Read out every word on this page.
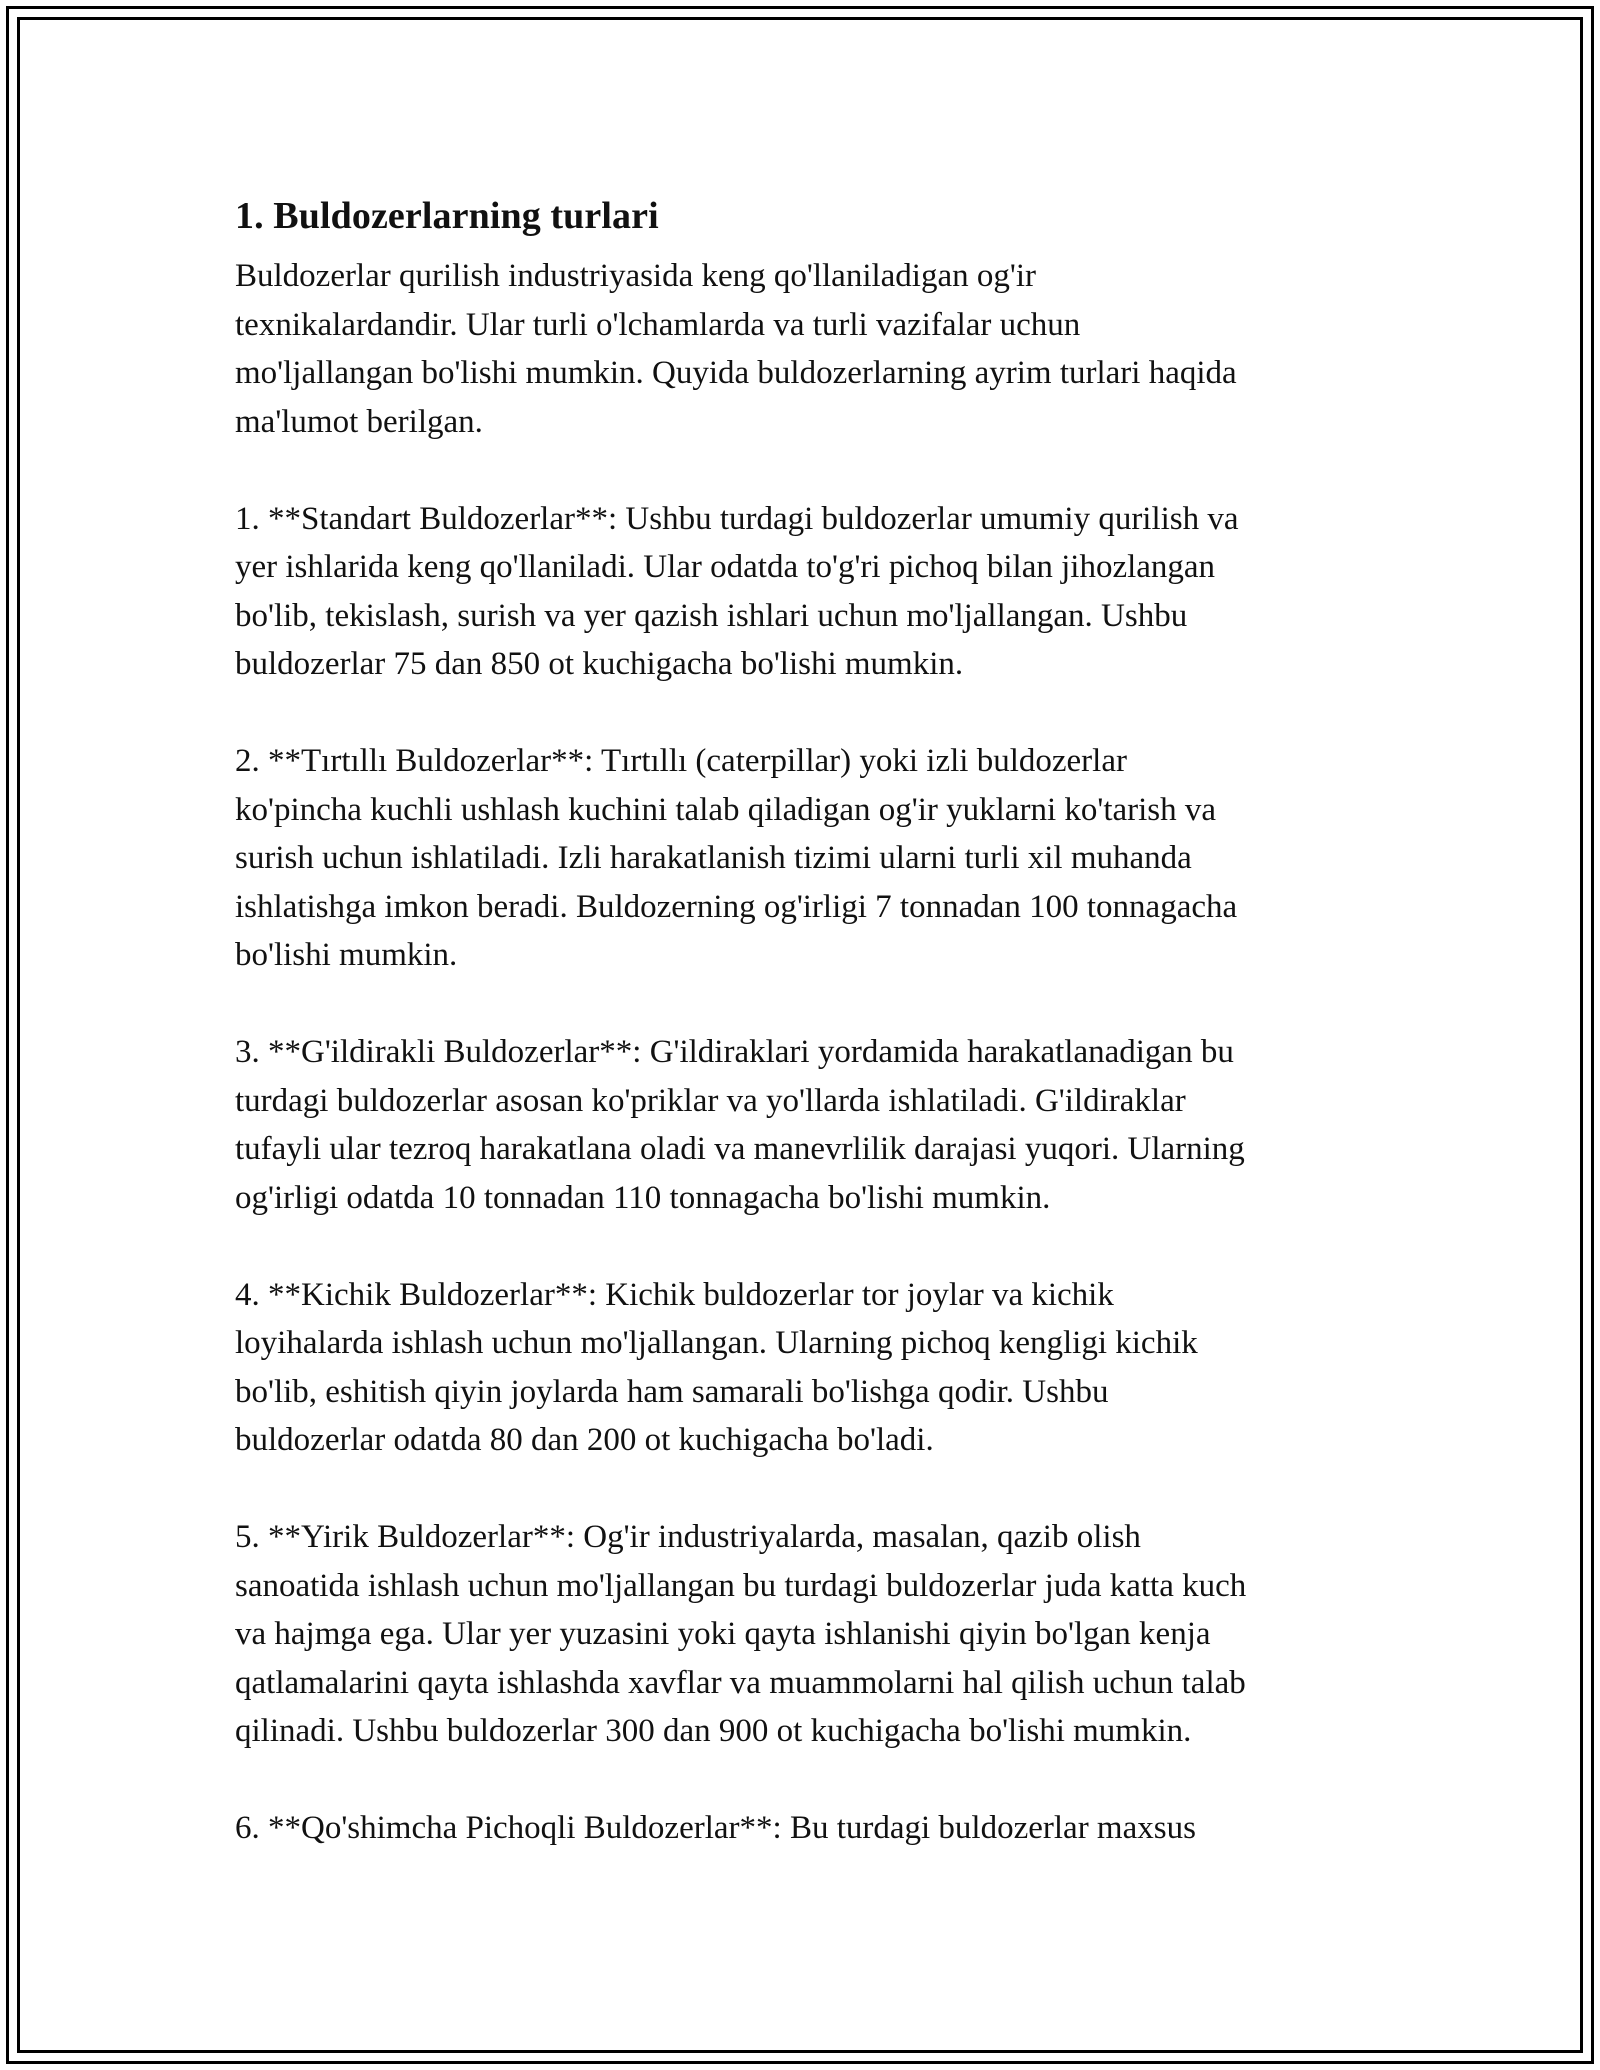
1. Buldozerlarning turlari

Buldozerlar qurilish industriyasida keng qo'llaniladigan og'ir
texnikalardandir. Ular turli o'lchamlarda va turli vazifalar uchun
mo'ljallangan bo'lishi mumkin. Quyida buldozerlarning ayrim turlari haqida
ma'lumot berilgan.

1. **Standart Buldozerlar**: Ushbu turdagi buldozerlar umumiy qurilish va
yer ishlarida keng qo'llaniladi. Ular odatda to'g'ri pichoq bilan jihozlangan
bo'lib, tekislash, surish va yer qazish ishlari uchun mo'ljallangan. Ushbu
buldozerlar 75 dan 850 ot kuchigacha bo'lishi mumkin.

2. **Tırtıllı Buldozerlar**: Tırtıllı (caterpillar) yoki izli buldozerlar
ko'pincha kuchli ushlash kuchini talab qiladigan og'ir yuklarni ko'tarish va
surish uchun ishlatiladi. Izli harakatlanish tizimi ularni turli xil muhanda
ishlatishga imkon beradi. Buldozerning og'irligi 7 tonnadan 100 tonnagacha
bo'lishi mumkin.

3. **G'ildirakli Buldozerlar**: G'ildiraklari yordamida harakatlanadigan bu
turdagi buldozerlar asosan ko'priklar va yo'llarda ishlatiladi. G'ildiraklar
tufayli ular tezroq harakatlana oladi va manevrlilik darajasi yuqori. Ularning
og'irligi odatda 10 tonnadan 110 tonnagacha bo'lishi mumkin.

4. **Kichik Buldozerlar**: Kichik buldozerlar tor joylar va kichik
loyihalarda ishlash uchun mo'ljallangan. Ularning pichoq kengligi kichik
bo'lib, eshitish qiyin joylarda ham samarali bo'lishga qodir. Ushbu
buldozerlar odatda 80 dan 200 ot kuchigacha bo'ladi.

5. **Yirik Buldozerlar**: Og'ir industriyalarda, masalan, qazib olish
sanoatida ishlash uchun mo'ljallangan bu turdagi buldozerlar juda katta kuch
va hajmga ega. Ular yer yuzasini yoki qayta ishlanishi qiyin bo'lgan kenja
qatlamalarini qayta ishlashda xavflar va muammolarni hal qilish uchun talab
qilinadi. Ushbu buldozerlar 300 dan 900 ot kuchigacha bo'lishi mumkin.

6. **Qo'shimcha Pichoqli Buldozerlar**: Bu turdagi buldozerlar maxsus
